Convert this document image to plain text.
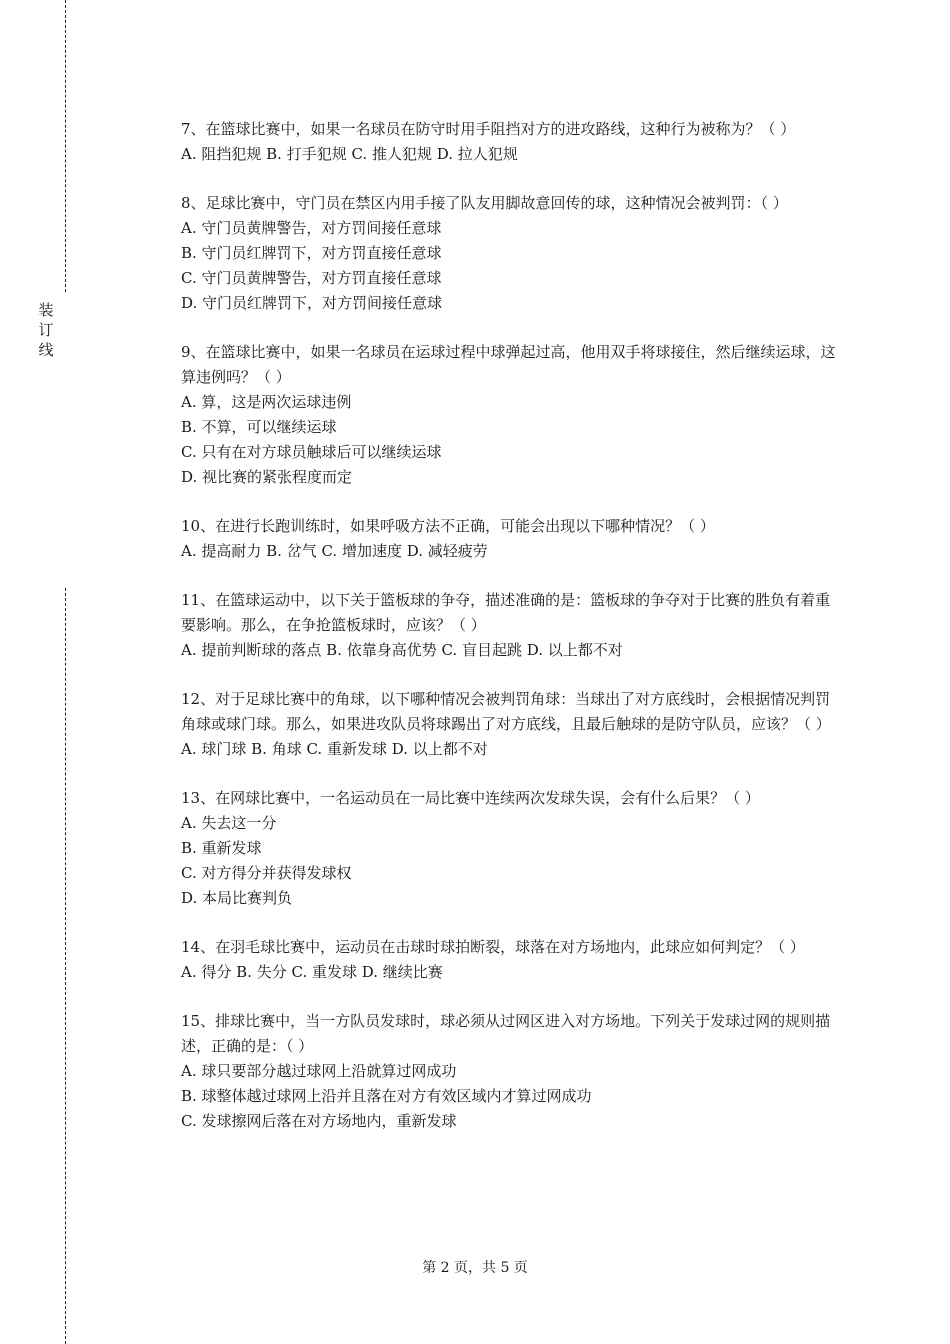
装
订
线
7、在篮球比赛中，如果一名球员在防守时用手阻挡对方的进攻路线，这种行为被称为？（ ）
A. 阻挡犯规 B. 打手犯规 C. 推人犯规 D. 拉人犯规
8、足球比赛中，守门员在禁区内用手接了队友用脚故意回传的球，这种情况会被判罚：（ ）
A. 守门员黄牌警告，对方罚间接任意球
B. 守门员红牌罚下，对方罚直接任意球
C. 守门员黄牌警告，对方罚直接任意球
D. 守门员红牌罚下，对方罚间接任意球
9、在篮球比赛中，如果一名球员在运球过程中球弹起过高，他用双手将球接住，然后继续运球，这算违例吗？（ ）
A. 算，这是两次运球违例
B. 不算，可以继续运球
C. 只有在对方球员触球后可以继续运球
D. 视比赛的紧张程度而定
10、在进行长跑训练时，如果呼吸方法不正确，可能会出现以下哪种情况？（ ）
A. 提高耐力 B. 岔气 C. 增加速度 D. 减轻疲劳
11、在篮球运动中，以下关于篮板球的争夺，描述准确的是：篮板球的争夺对于比赛的胜负有着重要影响。那么，在争抢篮板球时，应该？（ ）
A. 提前判断球的落点 B. 依靠身高优势 C. 盲目起跳 D. 以上都不对
12、对于足球比赛中的角球，以下哪种情况会被判罚角球：当球出了对方底线时，会根据情况判罚角球或球门球。那么，如果进攻队员将球踢出了对方底线，且最后触球的是防守队员，应该？（ ）
A. 球门球 B. 角球 C. 重新发球 D. 以上都不对
13、在网球比赛中，一名运动员在一局比赛中连续两次发球失误，会有什么后果？（ ）
A. 失去这一分
B. 重新发球
C. 对方得分并获得发球权
D. 本局比赛判负
14、在羽毛球比赛中，运动员在击球时球拍断裂，球落在对方场地内，此球应如何判定？（ ）
A. 得分 B. 失分 C. 重发球 D. 继续比赛
15、排球比赛中，当一方队员发球时，球必须从过网区进入对方场地。下列关于发球过网的规则描述，正确的是：（ ）
A. 球只要部分越过球网上沿就算过网成功
B. 球整体越过球网上沿并且落在对方有效区域内才算过网成功
C. 发球擦网后落在对方场地内，重新发球
第 2 页，共 5 页
